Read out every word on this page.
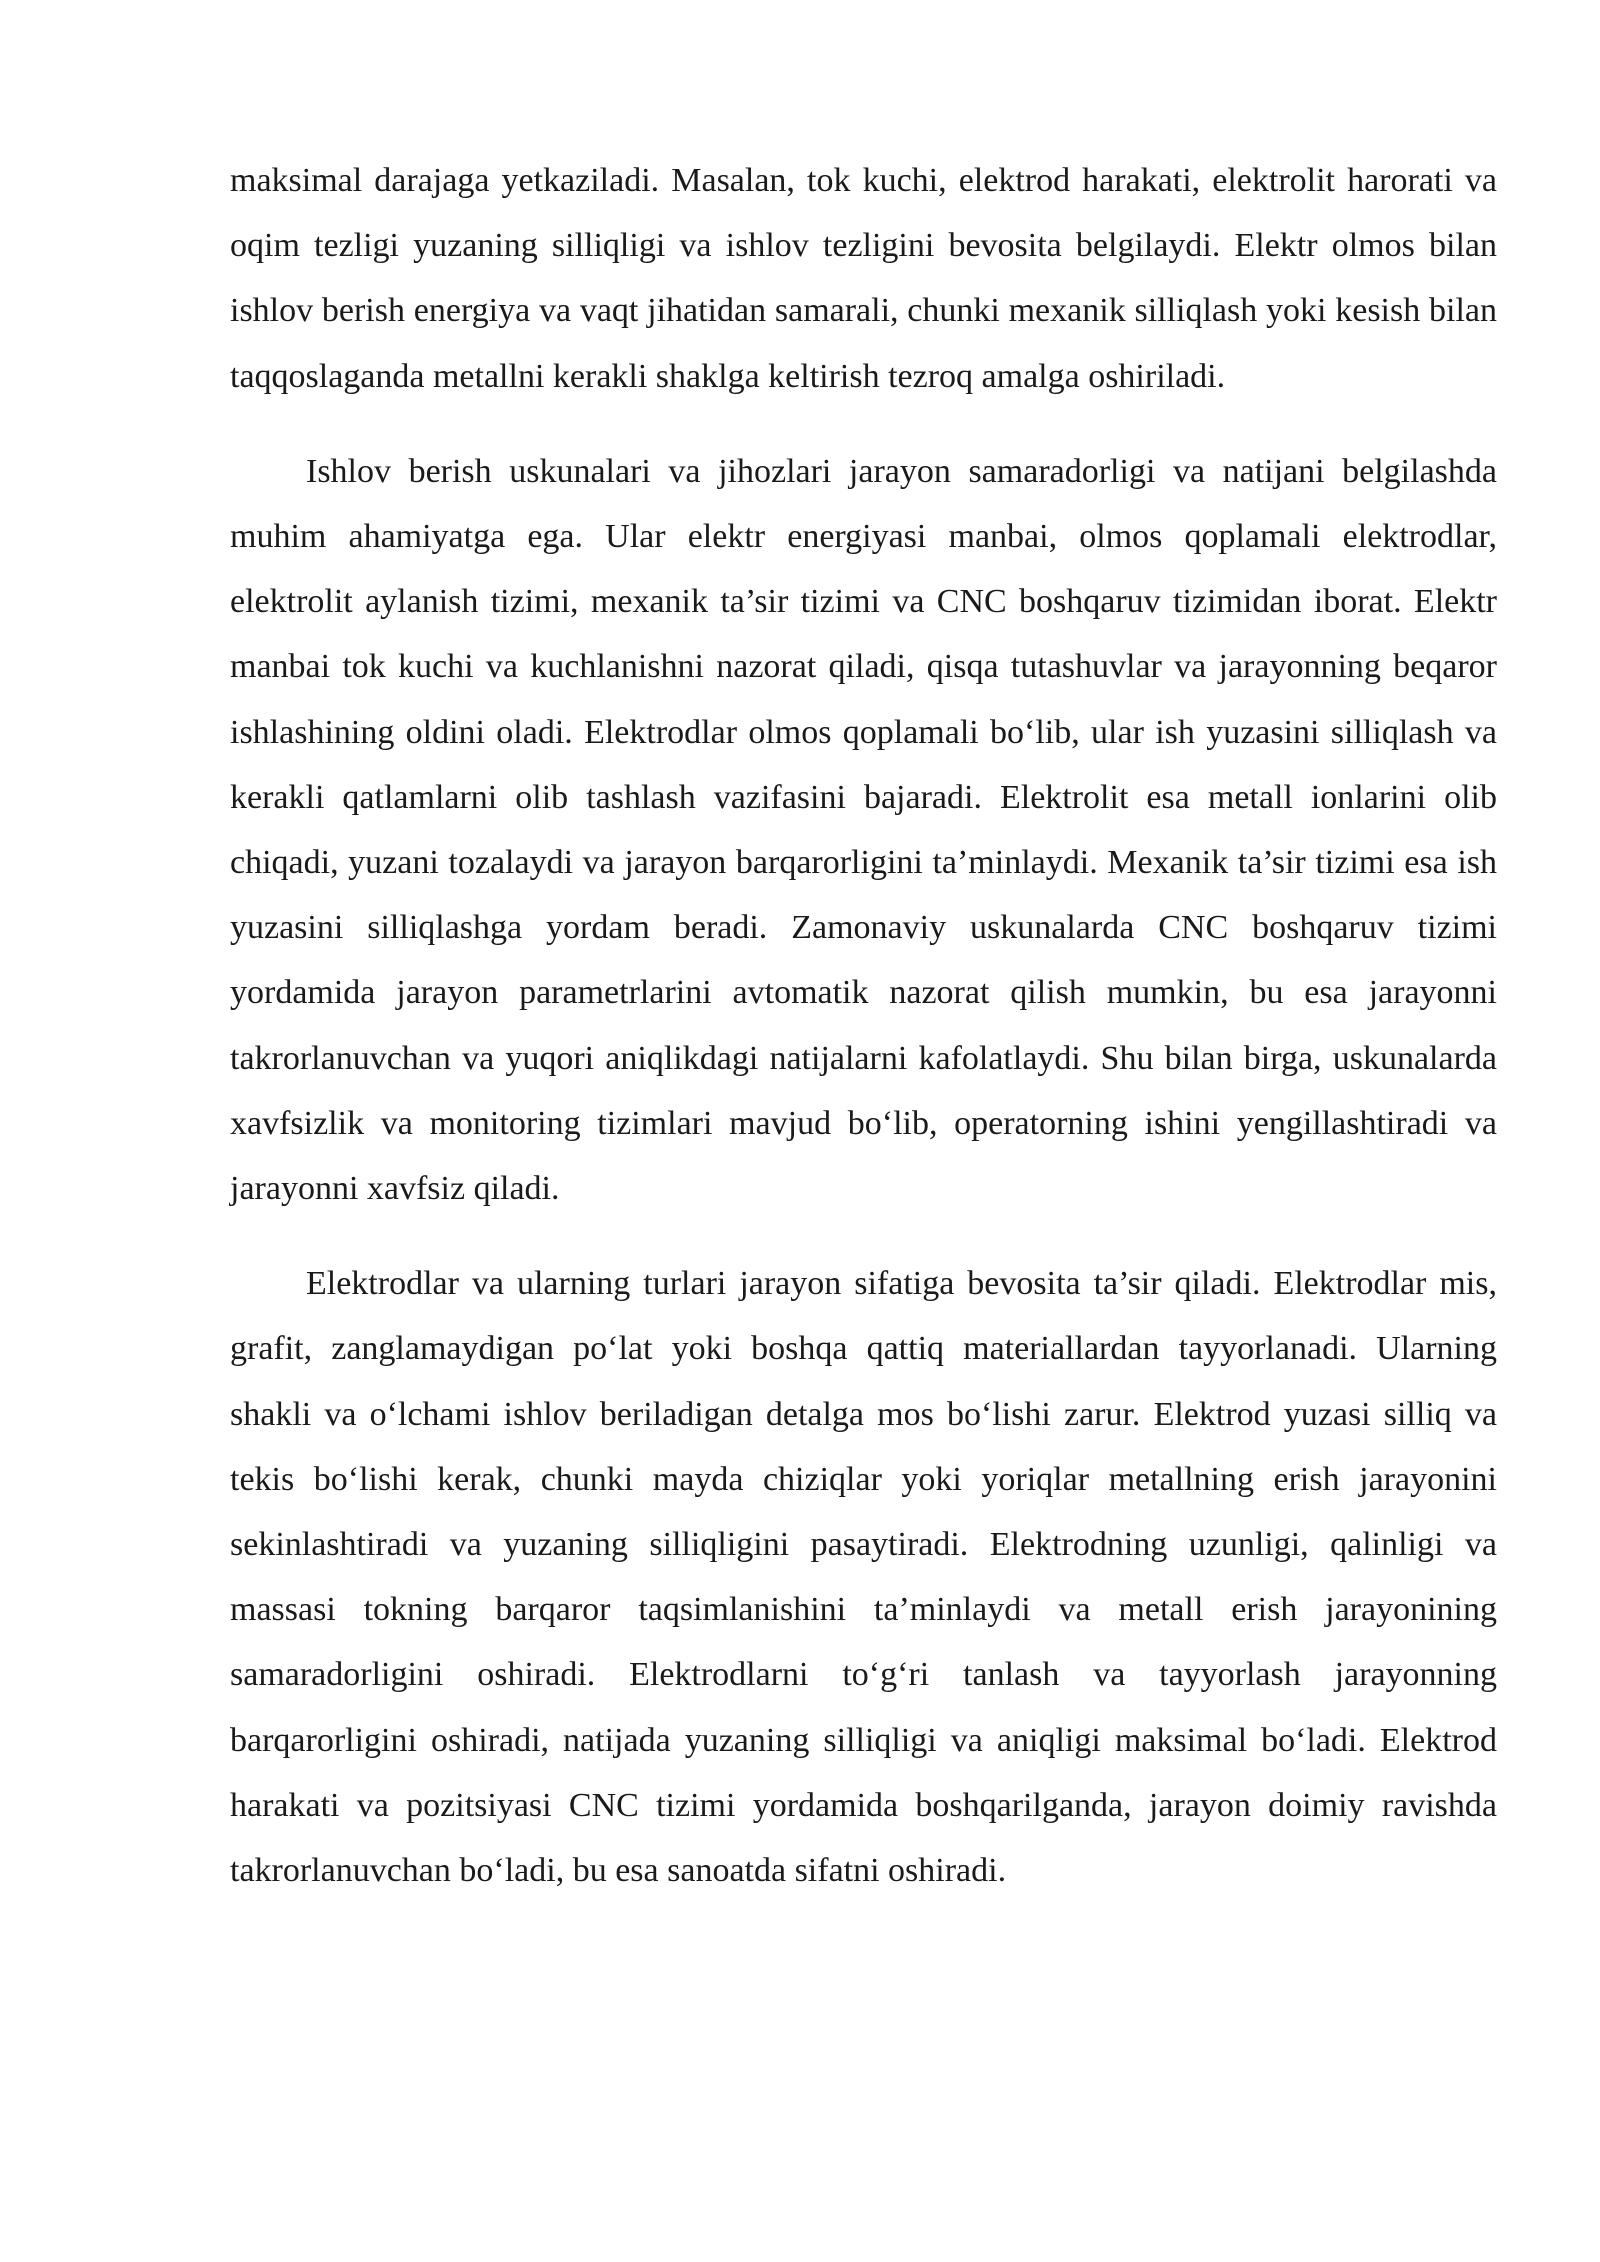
maksimal darajaga yetkaziladi. Masalan, tok kuchi, elektrod harakati, elektrolit harorati va oqim tezligi yuzaning silliqligi va ishlov tezligini bevosita belgilaydi. Elektr olmos bilan ishlov berish energiya va vaqt jihatidan samarali, chunki mexanik silliqlash yoki kesish bilan taqqoslaganda metallni kerakli shaklga keltirish tezroq amalga oshiriladi.

Ishlov berish uskunalari va jihozlari jarayon samaradorligi va natijani belgilashda muhim ahamiyatga ega. Ular elektr energiyasi manbai, olmos qoplamali elektrodlar, elektrolit aylanish tizimi, mexanik ta’sir tizimi va CNC boshqaruv tizimidan iborat. Elektr manbai tok kuchi va kuchlanishni nazorat qiladi, qisqa tutashuvlar va jarayonning beqaror ishlashining oldini oladi. Elektrodlar olmos qoplamali bo‘lib, ular ish yuzasini silliqlash va kerakli qatlamlarni olib tashlash vazifasini bajaradi. Elektrolit esa metall ionlarini olib chiqadi, yuzani tozalaydi va jarayon barqarorligini ta’minlaydi. Mexanik ta’sir tizimi esa ish yuzasini silliqlashga yordam beradi. Zamonaviy uskunalarda CNC boshqaruv tizimi yordamida jarayon parametrlarini avtomatik nazorat qilish mumkin, bu esa jarayonni takrorlanuvchan va yuqori aniqlikdagi natijalarni kafolatlaydi. Shu bilan birga, uskunalarda xavfsizlik va monitoring tizimlari mavjud bo‘lib, operatorning ishini yengillashtiradi va jarayonni xavfsiz qiladi.

Elektrodlar va ularning turlari jarayon sifatiga bevosita ta’sir qiladi. Elektrodlar mis, grafit, zanglamaydigan po‘lat yoki boshqa qattiq materiallardan tayyorlanadi. Ularning shakli va o‘lchami ishlov beriladigan detalga mos bo‘lishi zarur. Elektrod yuzasi silliq va tekis bo‘lishi kerak, chunki mayda chiziqlar yoki yoriqlar metallning erish jarayonini sekinlashtiradi va yuzaning silliqligini pasaytiradi. Elektrodning uzunligi, qalinligi va massasi tokning barqaror taqsimlanishini ta’minlaydi va metall erish jarayonining samaradorligini oshiradi. Elektrodlarni to‘g‘ri tanlash va tayyorlash jarayonning barqarorligini oshiradi, natijada yuzaning silliqligi va aniqligi maksimal bo‘ladi. Elektrod harakati va pozitsiyasi CNC tizimi yordamida boshqarilganda, jarayon doimiy ravishda takrorlanuvchan bo‘ladi, bu esa sanoatda sifatni oshiradi.
